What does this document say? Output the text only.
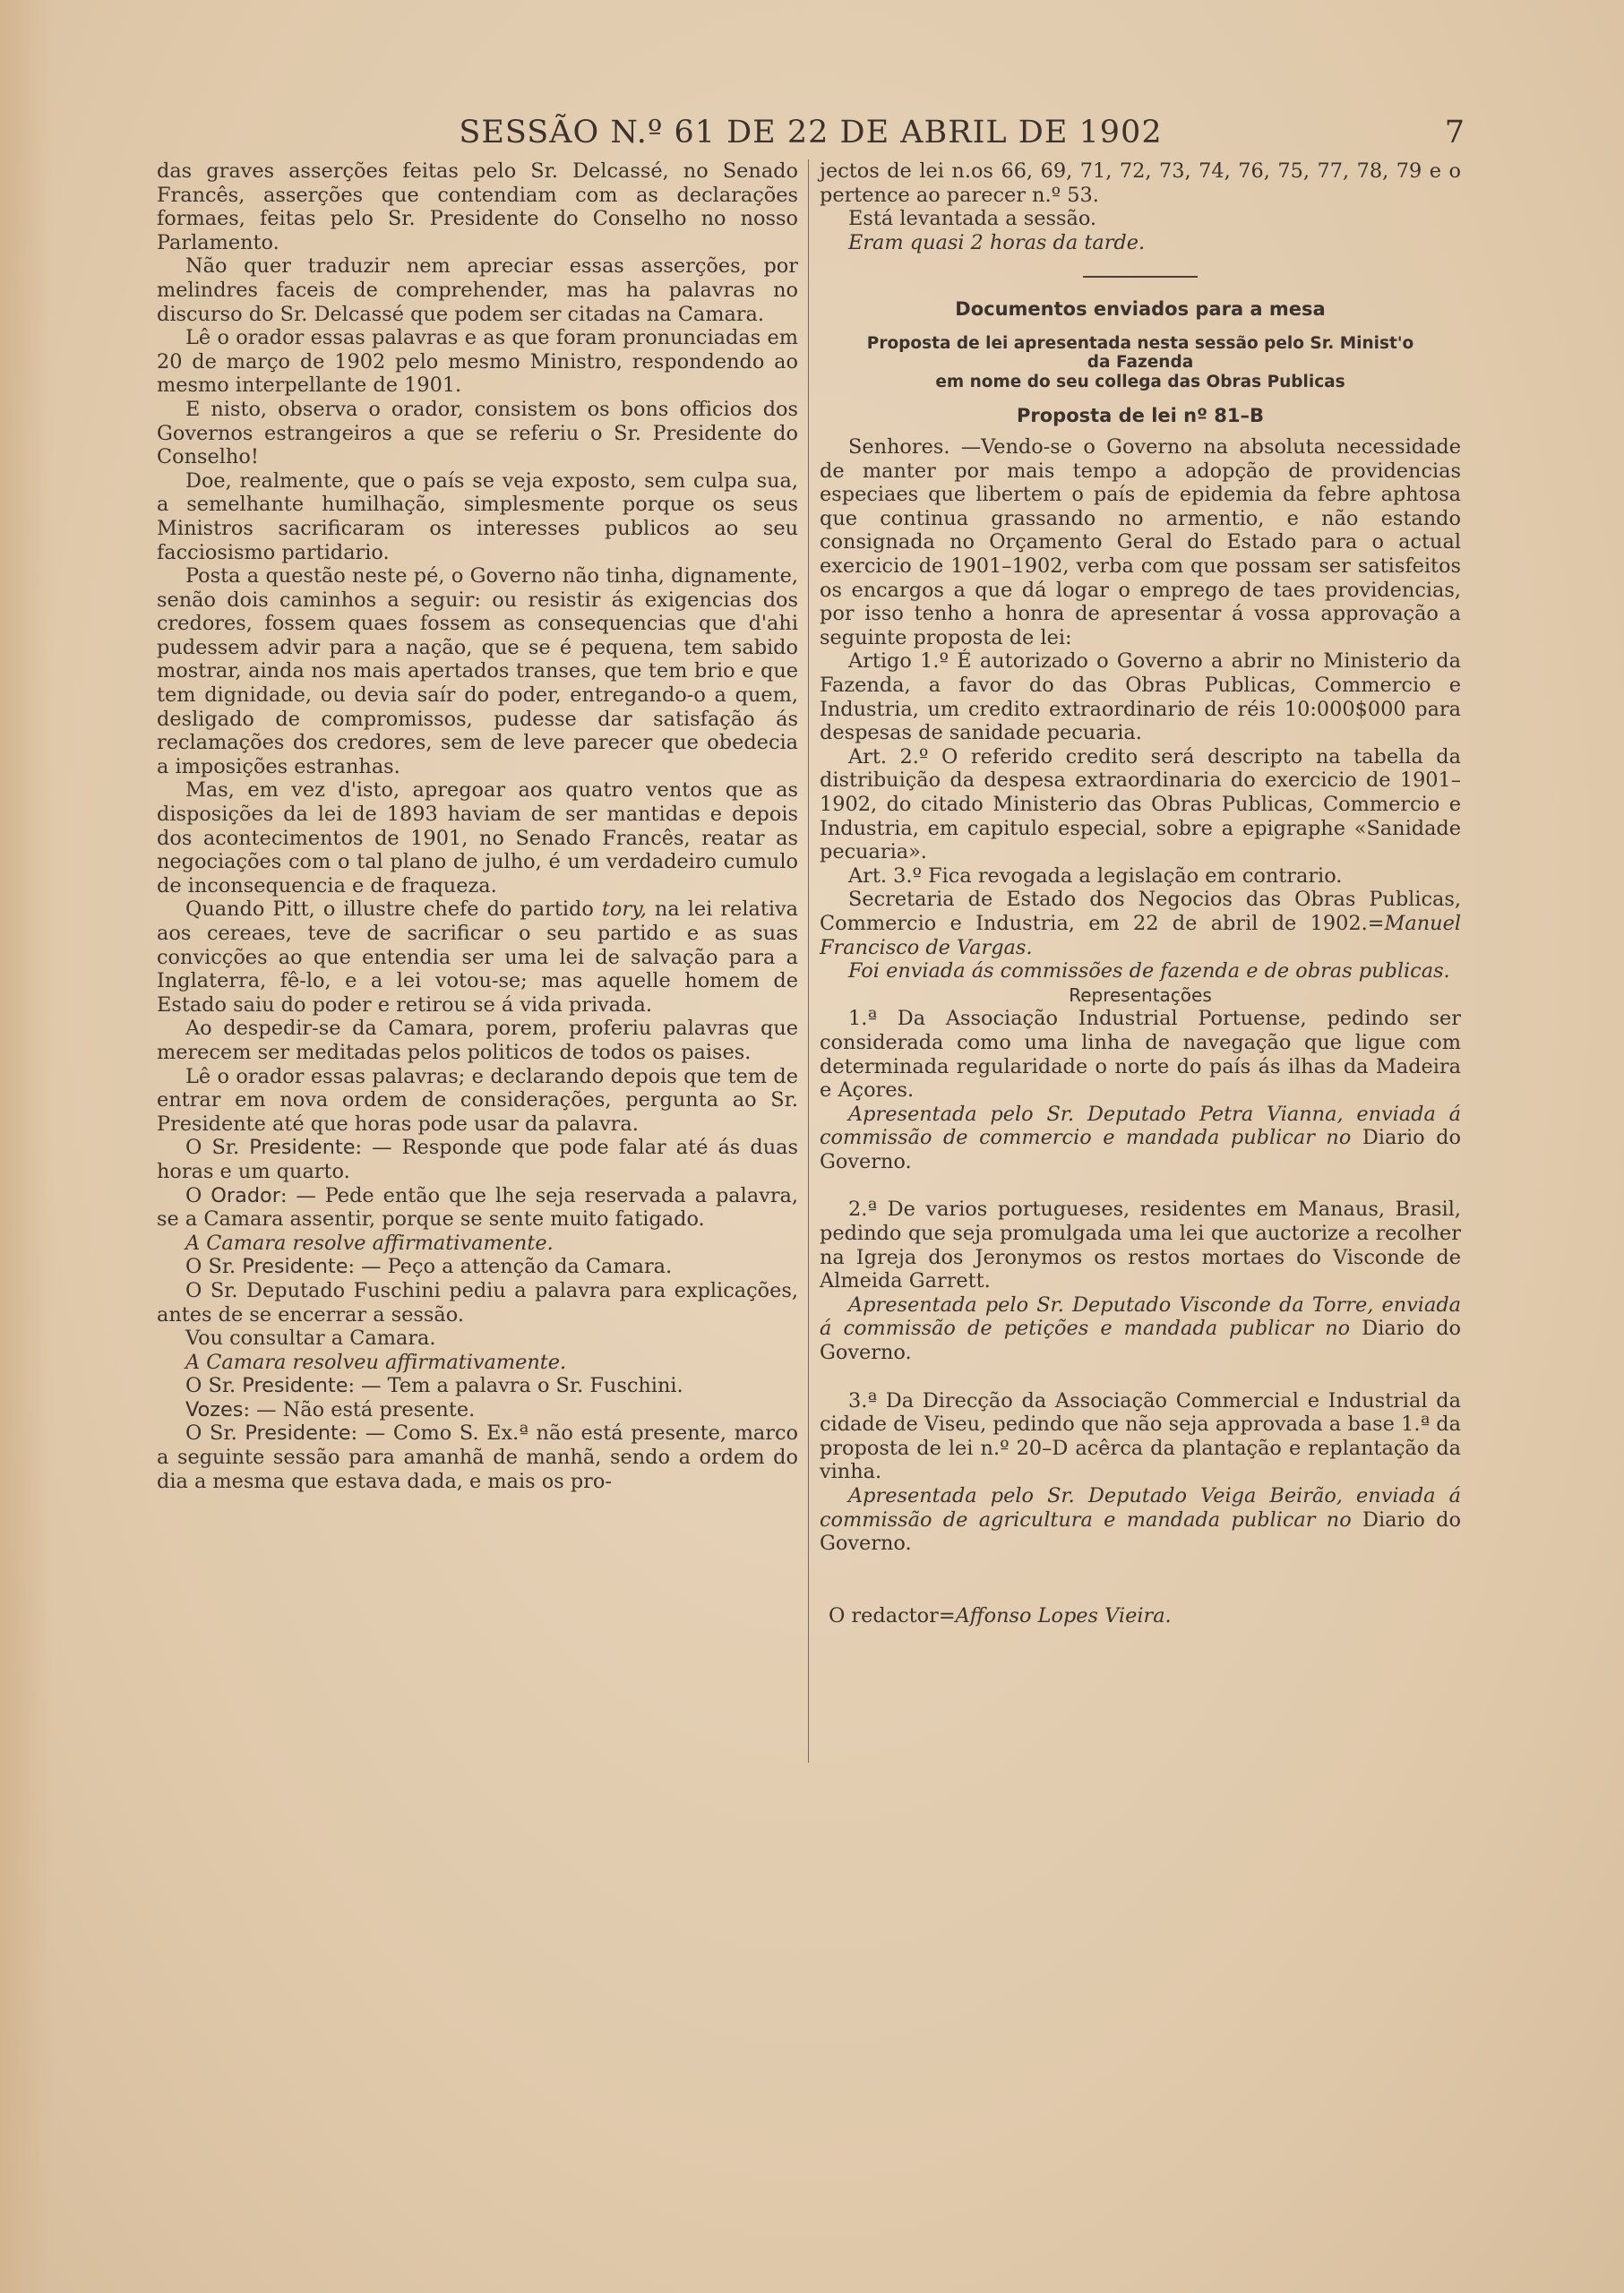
SESSÃO N.º 61 DE 22 DE ABRIL DE 1902	7

das graves asserções feitas pelo Sr. Delcassé, no Senado Francês, asserções que contendiam com as declarações formaes, feitas pelo Sr. Presidente do Conselho no nosso Parlamento.

Não quer traduzir nem apreciar essas asserções, por melindres faceis de comprehender, mas ha palavras no discurso do Sr. Delcassé que podem ser citadas na Camara.

Lê o orador essas palavras e as que foram pronunciadas em 20 de março de 1902 pelo mesmo Ministro, respondendo ao mesmo interpellante de 1901.

E nisto, observa o orador, consistem os bons officios dos Governos estrangeiros a que se referiu o Sr. Presidente do Conselho!

Doe, realmente, que o país se veja exposto, sem culpa sua, a semelhante humilhação, simplesmente porque os seus Ministros sacrificaram os interesses publicos ao seu facciosismo partidario.

Posta a questão neste pé, o Governo não tinha, dignamente, senão dois caminhos a seguir: ou resistir ás exigencias dos credores, fossem quaes fossem as consequencias que d'ahi pudessem advir para a nação, que se é pequena, tem sabido mostrar, ainda nos mais apertados transes, que tem brio e que tem dignidade, ou devia saír do poder, entregando-o a quem, desligado de compromissos, pudesse dar satisfação ás reclamações dos credores, sem de leve parecer que obedecia a imposições estranhas.

Mas, em vez d'isto, apregoar aos quatro ventos que as disposições da lei de 1893 haviam de ser mantidas e depois dos acontecimentos de 1901, no Senado Francês, reatar as negociações com o tal plano de julho, é um verdadeiro cumulo de inconsequencia e de fraqueza.

Quando Pitt, o illustre chefe do partido tory, na lei relativa aos cereaes, teve de sacrificar o seu partido e as suas convicções ao que entendia ser uma lei de salvação para a Inglaterra, fê-lo, e a lei votou-se; mas aquelle homem de Estado saiu do poder e retirou se á vida privada.

Ao despedir-se da Camara, porem, proferiu palavras que merecem ser meditadas pelos politicos de todos os paises.

Lê o orador essas palavras; e declarando depois que tem de entrar em nova ordem de considerações, pergunta ao Sr. Presidente até que horas pode usar da palavra.

O Sr. Presidente: — Responde que pode falar até ás duas horas e um quarto.

O Orador: — Pede então que lhe seja reservada a palavra, se a Camara assentir, porque se sente muito fatigado.

A Camara resolve affirmativamente.

O Sr. Presidente: — Peço a attenção da Camara.

O Sr. Deputado Fuschini pediu a palavra para explicações, antes de se encerrar a sessão.

Vou consultar a Camara.

A Camara resolveu affirmativamente.

O Sr. Presidente: — Tem a palavra o Sr. Fuschini.

Vozes: — Não está presente.

O Sr. Presidente: — Como S. Ex.ª não está presente, marco a seguinte sessão para amanhã de manhã, sendo a ordem do dia a mesma que estava dada, e mais os pro-

jectos de lei n.os 66, 69, 71, 72, 73, 74, 76, 75, 77, 78, 79 e o pertence ao parecer n.º 53.

Está levantada a sessão.

Eram quasi 2 horas da tarde.

Documentos enviados para a mesa
Proposta de lei apresentada nesta sessão pelo Sr. Minist'o
da Fazenda
em nome do seu collega das Obras Publicas
Proposta de lei nº 81–B

Senhores. —Vendo-se o Governo na absoluta necessidade de manter por mais tempo a adopção de providencias especiaes que libertem o país de epidemia da febre aphtosa que continua grassando no armentio, e não estando consignada no Orçamento Geral do Estado para o actual exercicio de 1901–1902, verba com que possam ser satisfeitos os encargos a que dá logar o emprego de taes providencias, por isso tenho a honra de apresentar á vossa approvação a seguinte proposta de lei:

Artigo 1.º É autorizado o Governo a abrir no Ministerio da Fazenda, a favor do das Obras Publicas, Commercio e Industria, um credito extraordinario de réis 10:000$000 para despesas de sanidade pecuaria.

Art. 2.º O referido credito será descripto na tabella da distribuição da despesa extraordinaria do exercicio de 1901–1902, do citado Ministerio das Obras Publicas, Commercio e Industria, em capitulo especial, sobre a epigraphe «Sanidade pecuaria».

Art. 3.º Fica revogada a legislação em contrario.

Secretaria de Estado dos Negocios das Obras Publicas, Commercio e Industria, em 22 de abril de 1902.=Manuel Francisco de Vargas.

Foi enviada ás commissões de fazenda e de obras publicas.

Representações

1.ª Da Associação Industrial Portuense, pedindo ser considerada como uma linha de navegação que ligue com determinada regularidade o norte do país ás ilhas da Madeira e Açores.

Apresentada pelo Sr. Deputado Petra Vianna, enviada á commissão de commercio e mandada publicar no Diario do Governo.

2.ª De varios portugueses, residentes em Manaus, Brasil, pedindo que seja promulgada uma lei que auctorize a recolher na Igreja dos Jeronymos os restos mortaes do Visconde de Almeida Garrett.

Apresentada pelo Sr. Deputado Visconde da Torre, enviada á commissão de petições e mandada publicar no Diario do Governo.

3.ª Da Direcção da Associação Commercial e Industrial da cidade de Viseu, pedindo que não seja approvada a base 1.ª da proposta de lei n.º 20–D acêrca da plantação e replantação da vinha.

Apresentada pelo Sr. Deputado Veiga Beirão, enviada á commissão de agricultura e mandada publicar no Diario do Governo.

O redactor=Affonso Lopes Vieira.
